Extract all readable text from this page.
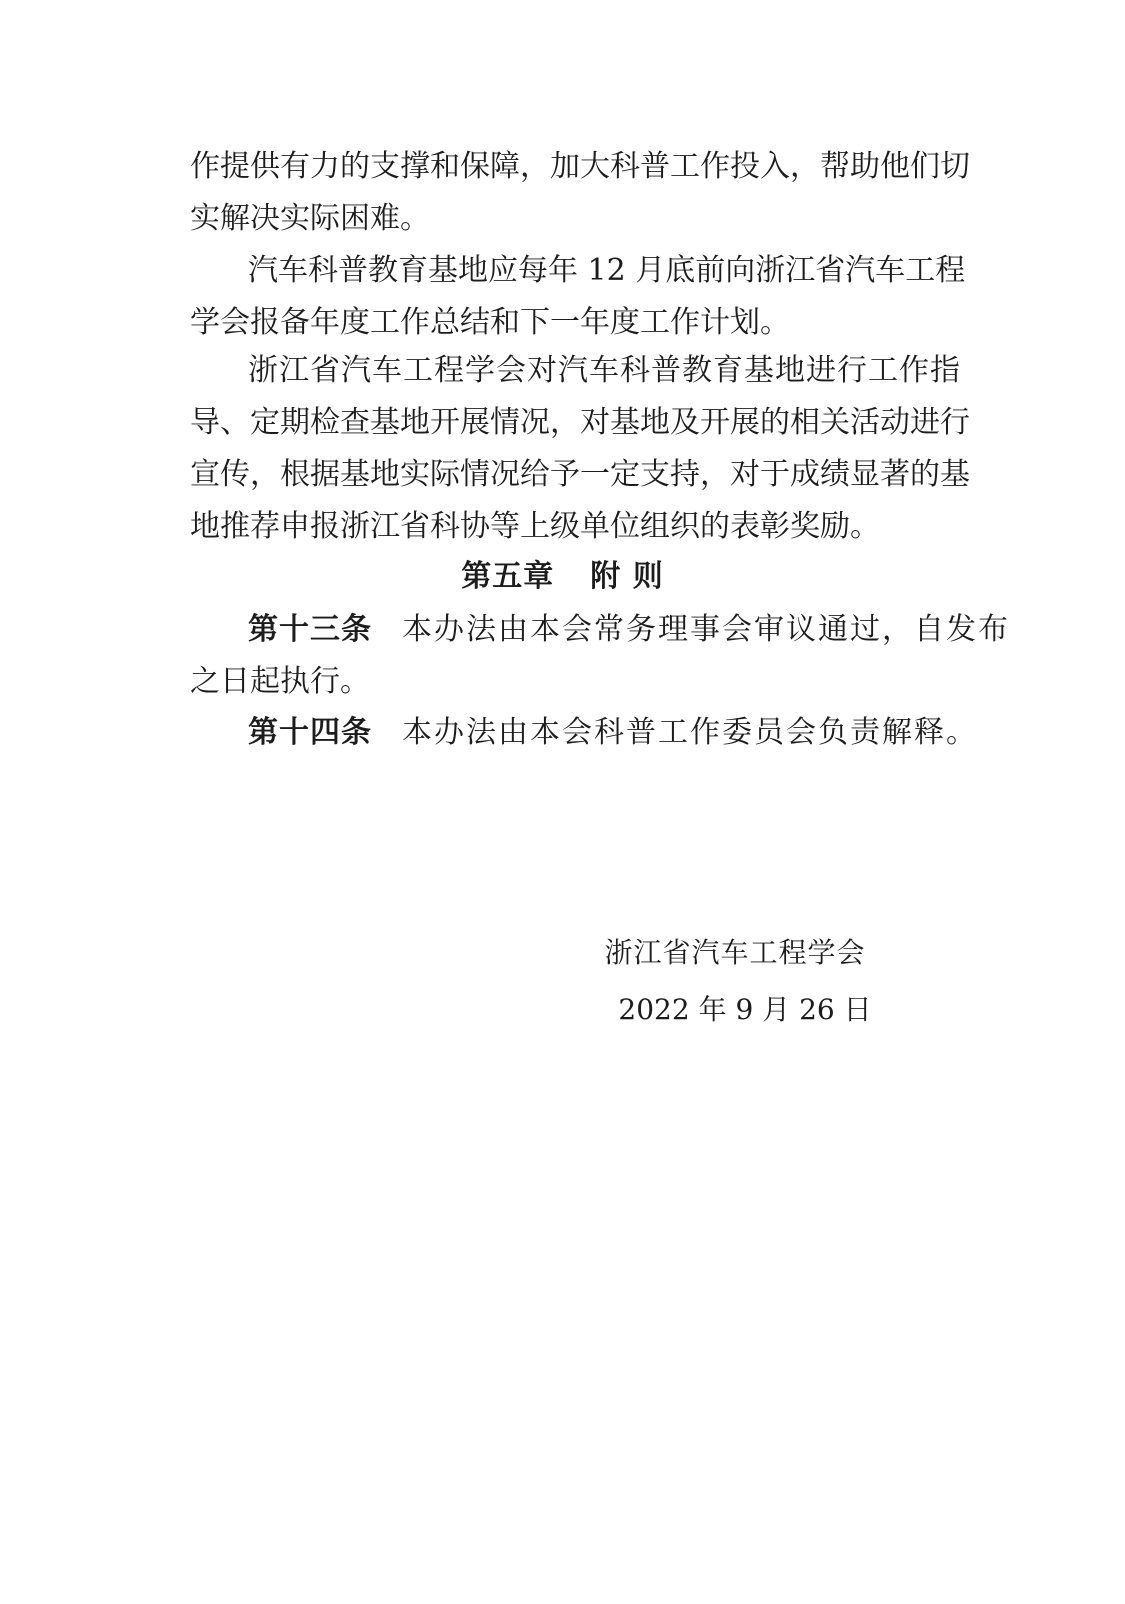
作提供有力的支撑和保障，加大科普工作投入，帮助他们切
实解决实际困难。
汽车科普教育基地应每年 12 月底前向浙江省汽车工程
学会报备年度工作总结和下一年度工作计划。
浙江省汽车工程学会对汽车科普教育基地进行工作指
导、定期检查基地开展情况，对基地及开展的相关活动进行
宣传，根据基地实际情况给予一定支持，对于成绩显著的基
地推荐申报浙江省科协等上级单位组织的表彰奖励。
第五章 附 则
第十三条 本办法由本会常务理事会审议通过，自发布
之日起执行。
第十四条 本办法由本会科普工作委员会负责解释。
浙江省汽车工程学会
2022 年 9 月 26 日
